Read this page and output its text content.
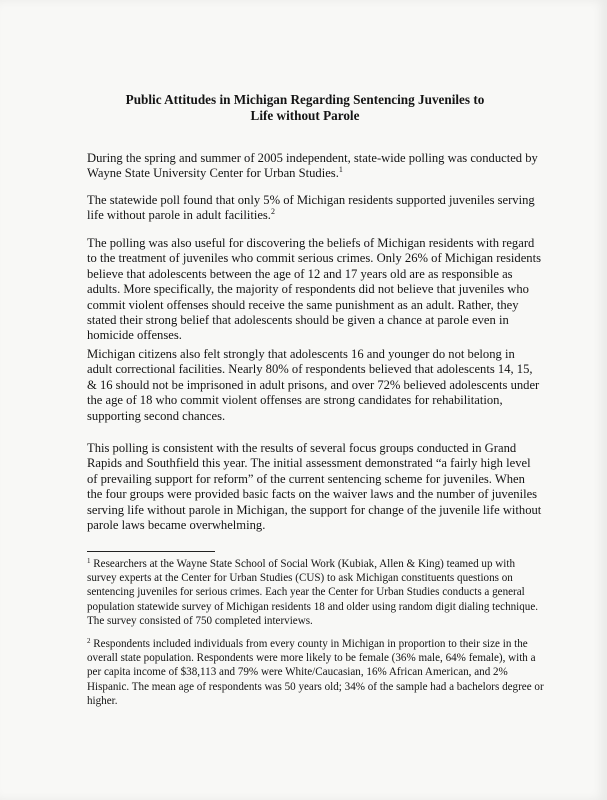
Public Attitudes in Michigan Regarding Sentencing Juveniles to
Life without Parole
During the spring and summer of 2005 independent, state-wide polling was conducted by Wayne State University Center for Urban Studies.$^1$
The statewide poll found that only 5% of Michigan residents supported juveniles serving life without parole in adult facilities.$^2$
The polling was also useful for discovering the beliefs of Michigan residents with regard to the treatment of juveniles who commit serious crimes. Only 26% of Michigan residents believe that adolescents between the age of 12 and 17 years old are as responsible as adults. More specifically, the majority of respondents did not believe that juveniles who commit violent offenses should receive the same punishment as an adult. Rather, they stated their strong belief that adolescents should be given a chance at parole even in homicide offenses.
Michigan citizens also felt strongly that adolescents 16 and younger do not belong in adult correctional facilities. Nearly 80% of respondents believed that adolescents 14, 15, & 16 should not be imprisoned in adult prisons, and over 72% believed adolescents under the age of 18 who commit violent offenses are strong candidates for rehabilitation, supporting second chances.
This polling is consistent with the results of several focus groups conducted in Grand Rapids and Southfield this year. The initial assessment demonstrated “a fairly high level of prevailing support for reform” of the current sentencing scheme for juveniles. When the four groups were provided basic facts on the waiver laws and the number of juveniles serving life without parole in Michigan, the support for change of the juvenile life without parole laws became overwhelming.
$^1$ Researchers at the Wayne State School of Social Work (Kubiak, Allen & King) teamed up with survey experts at the Center for Urban Studies (CUS) to ask Michigan constituents questions on sentencing juveniles for serious crimes. Each year the Center for Urban Studies conducts a general population statewide survey of Michigan residents 18 and older using random digit dialing technique. The survey consisted of 750 completed interviews.
$^2$ Respondents included individuals from every county in Michigan in proportion to their size in the overall state population. Respondents were more likely to be female (36% male, 64% female), with a per capita income of $38,113 and 79% were White/Caucasian, 16% African American, and 2% Hispanic. The mean age of respondents was 50 years old; 34% of the sample had a bachelors degree or higher.
